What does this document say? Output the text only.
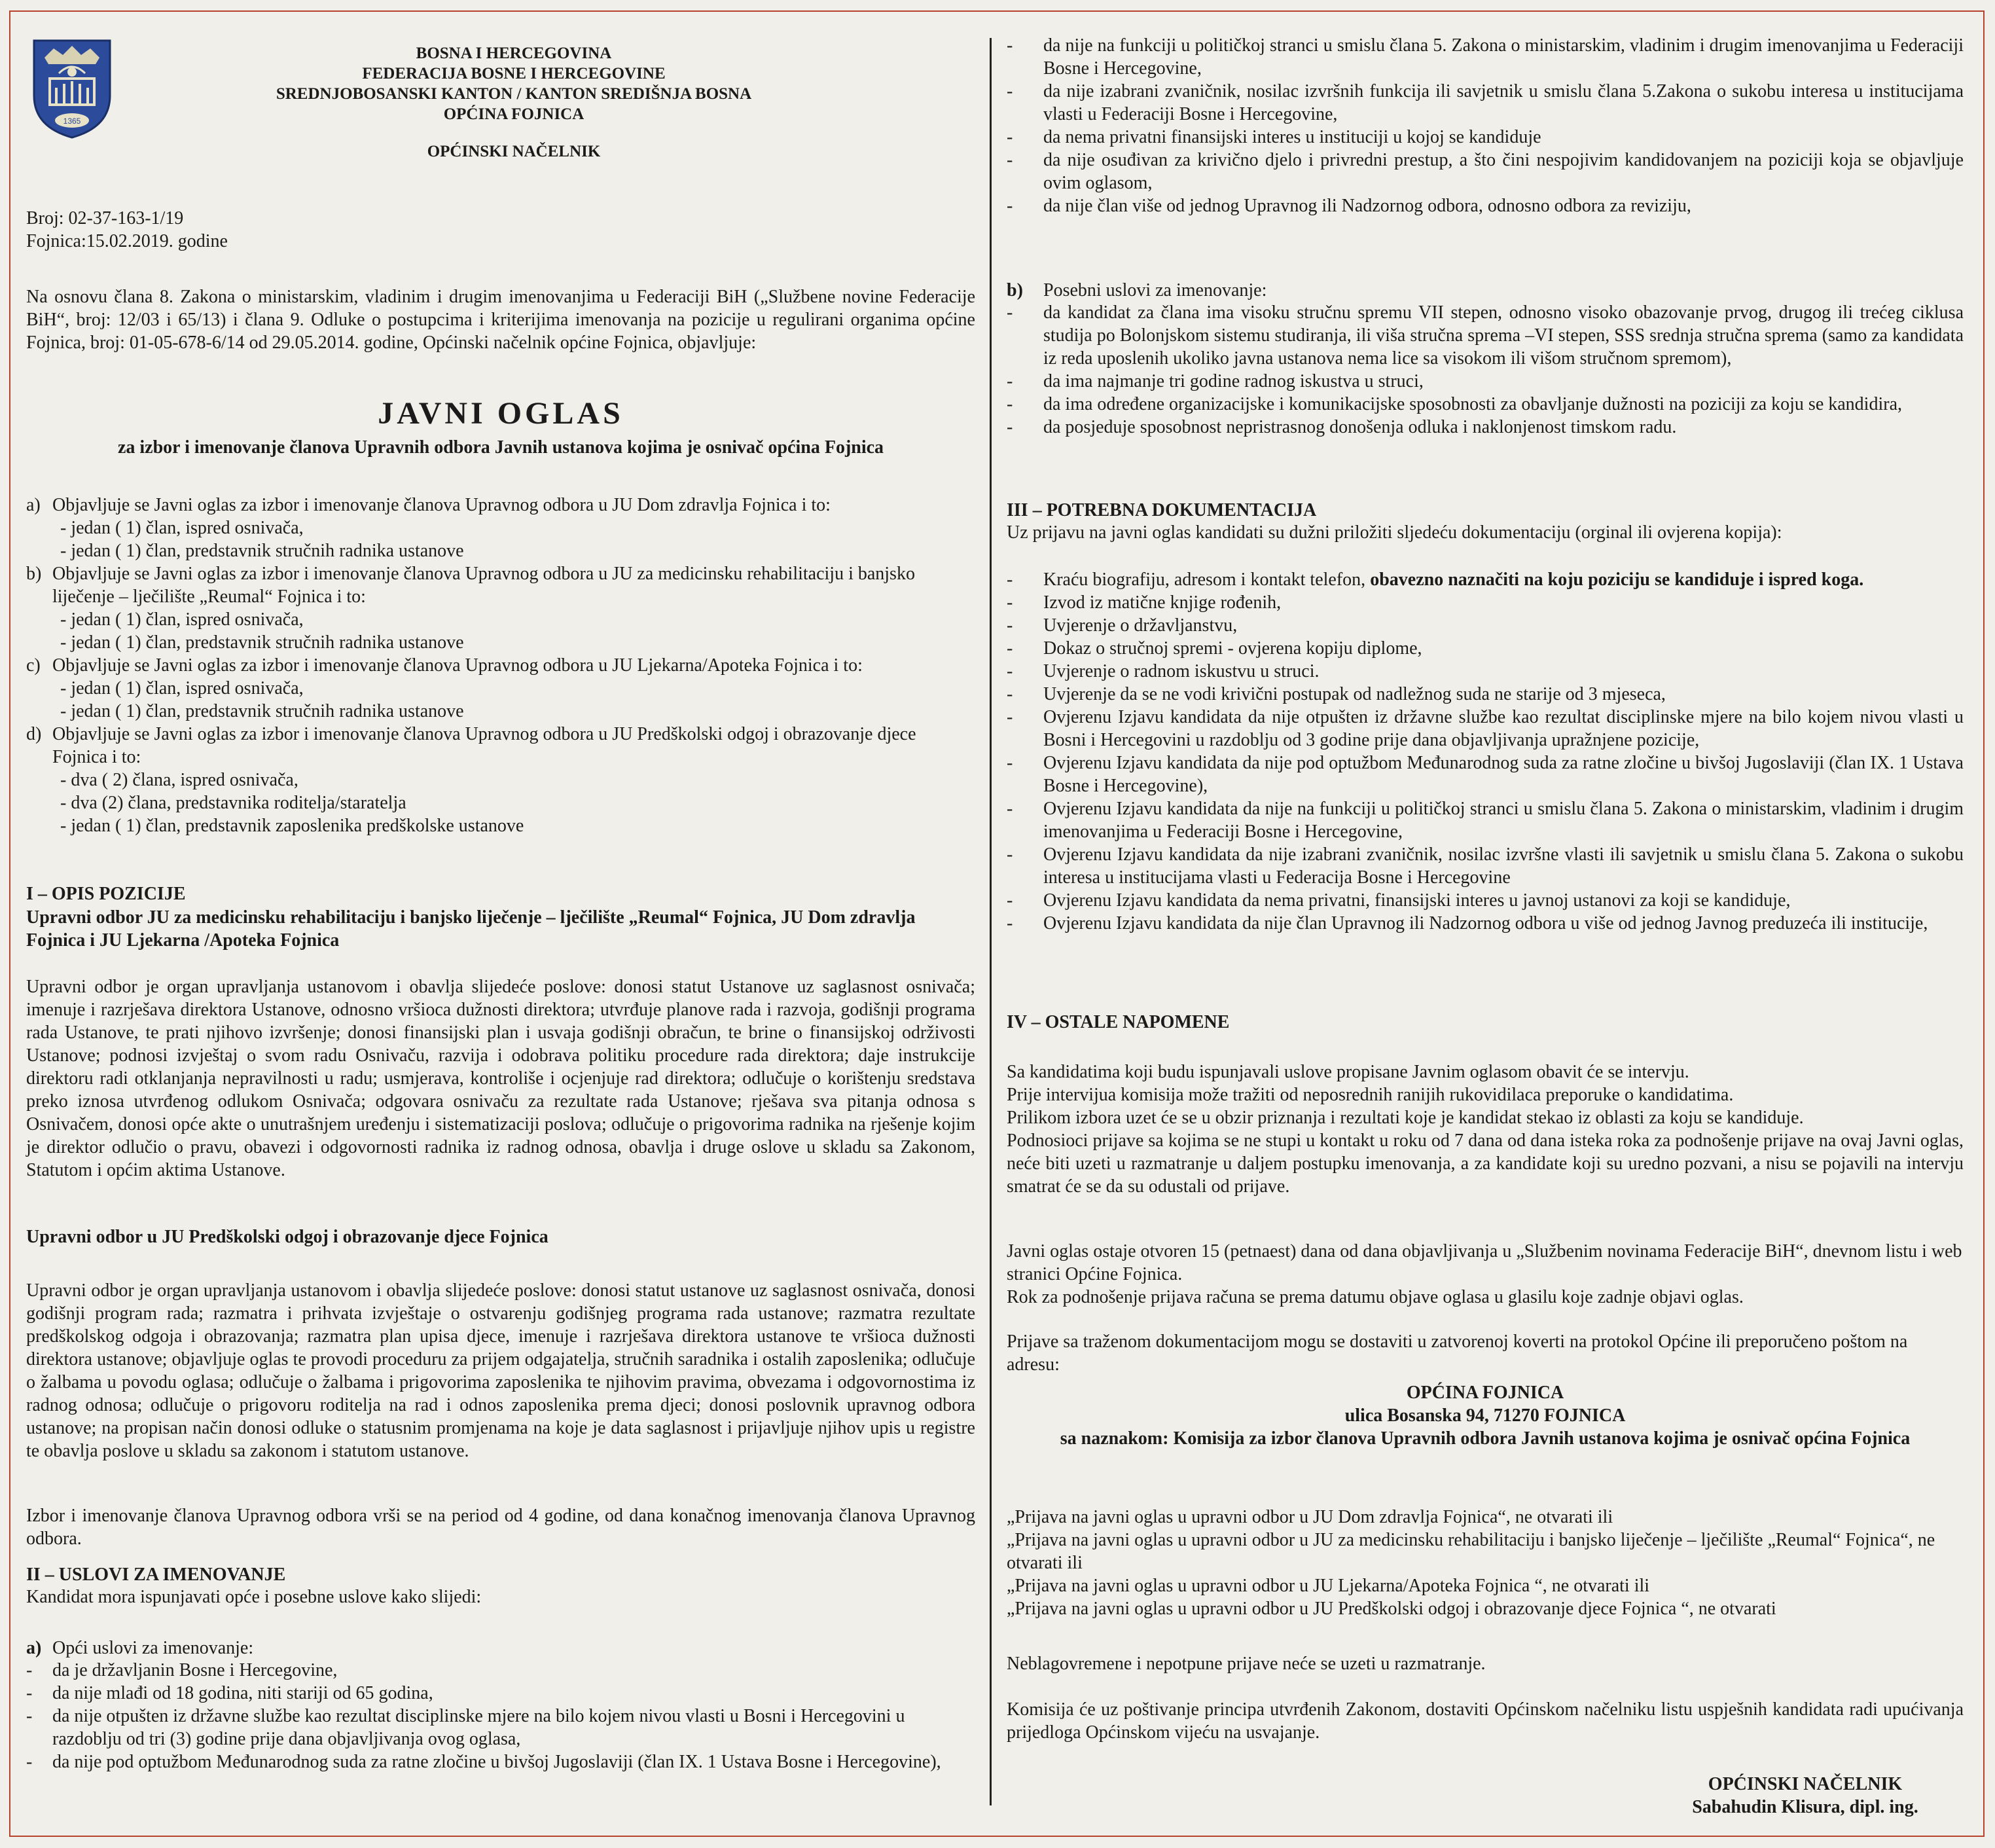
1365
BOSNA I HERCEGOVINA
FEDERACIJA BOSNE I HERCEGOVINE
SREDNJOBOSANSKI KANTON / KANTON SREDIŠNJA BOSNA
OPĆINA FOJNICA
OPĆINSKI NAČELNIK
Broj: 02-37-163-1/19
Fojnica:15.02.2019. godine
Na osnovu člana 8. Zakona o ministarskim, vladinim i drugim imenovanjima u Federaciji BiH („Službene novine Federacije BiH“, broj: 12/03 i 65/13) i člana 9. Odluke o postupcima i kriterijima imenovanja na pozicije u regulirani organima općine Fojnica, broj: 01-05-678-6/14 od 29.05.2014. godine, Općinski načelnik općine Fojnica, objavljuje:
JAVNI OGLAS
za izbor i imenovanje članova Upravnih odbora Javnih ustanova kojima je osnivač općina Fojnica
a) Objavljuje se Javni oglas za izbor i imenovanje članova Upravnog odbora u JU Dom zdravlja Fojnica i to:
- jedan ( 1) član, ispred osnivača,
- jedan ( 1) član, predstavnik stručnih radnika ustanove
b) Objavljuje se Javni oglas za izbor i imenovanje članova Upravnog odbora u JU za medicinsku rehabilitaciju i banjsko liječenje – lječilište „Reumal“ Fojnica i to:
- jedan ( 1) član, ispred osnivača,
- jedan ( 1) član, predstavnik stručnih radnika ustanove
c) Objavljuje se Javni oglas za izbor i imenovanje članova Upravnog odbora u JU Ljekarna/Apoteka Fojnica i to:
- jedan ( 1) član, ispred osnivača,
- jedan ( 1) član, predstavnik stručnih radnika ustanove
d) Objavljuje se Javni oglas za izbor i imenovanje članova Upravnog odbora u JU Predškolski odgoj i obrazovanje djece Fojnica i to:
- dva ( 2) člana, ispred osnivača,
- dva (2) člana, predstavnika roditelja/staratelja
- jedan ( 1) član, predstavnik zaposlenika predškolske ustanove
I – OPIS POZICIJE
Upravni odbor JU za medicinsku rehabilitaciju i banjsko liječenje – lječilište „Reumal“ Fojnica, JU Dom zdravlja Fojnica i JU Ljekarna /Apoteka Fojnica
Upravni odbor je organ upravljanja ustanovom i obavlja slijedeće poslove: donosi statut Ustanove uz saglasnost osnivača; imenuje i razrješava direktora Ustanove, odnosno vršioca dužnosti direktora; utvrđuje planove rada i razvoja, godišnji programa rada Ustanove, te prati njihovo izvršenje; donosi finansijski plan i usvaja godišnji obračun, te brine o finansijskoj održivosti Ustanove; podnosi izvještaj o svom radu Osnivaču, razvija i odobrava politiku procedure rada direktora; daje instrukcije direktoru radi otklanjanja nepravilnosti u radu; usmjerava, kontroliše i ocjenjuje rad direktora; odlučuje o korištenju sredstava preko iznosa utvrđenog odlukom Osnivača; odgovara osnivaču za rezultate rada Ustanove; rješava sva pitanja odnosa s Osnivačem, donosi opće akte o unutrašnjem uređenju i sistematizaciji poslova; odlučuje o prigovorima radnika na rješenje kojim je direktor odlučio o pravu, obavezi i odgovornosti radnika iz radnog odnosa, obavlja i druge oslove u skladu sa Zakonom, Statutom i općim aktima Ustanove.
Upravni odbor u JU Predškolski odgoj i obrazovanje djece Fojnica
Upravni odbor je organ upravljanja ustanovom i obavlja slijedeće poslove: donosi statut ustanove uz saglasnost osnivača, donosi godišnji program rada; razmatra i prihvata izvještaje o ostvarenju godišnjeg programa rada ustanove; razmatra rezultate predškolskog odgoja i obrazovanja; razmatra plan upisa djece, imenuje i razrješava direktora ustanove te vršioca dužnosti direktora ustanove; objavljuje oglas te provodi proceduru za prijem odgajatelja, stručnih saradnika i ostalih zaposlenika; odlučuje o žalbama u povodu oglasa; odlučuje o žalbama i prigovorima zaposlenika te njihovim pravima, obvezama i odgovornostima iz radnog odnosa; odlučuje o prigovoru roditelja na rad i odnos zaposlenika prema djeci; donosi poslovnik upravnog odbora ustanove; na propisan način donosi odluke o statusnim promjenama na koje je data saglasnost i prijavljuje njihov upis u registre te obavlja poslove u skladu sa zakonom i statutom ustanove.
Izbor i imenovanje članova Upravnog odbora vrši se na period od 4 godine, od dana konačnog imenovanja članova Upravnog odbora.
II – USLOVI ZA IMENOVANJE
Kandidat mora ispunjavati opće i posebne uslove kako slijedi:
a) Opći uslovi za imenovanje:
-	da je državljanin Bosne i Hercegovine,
-	da nije mlađi od 18 godina, niti stariji od 65 godina,
-	da nije otpušten iz državne službe kao rezultat disciplinske mjere na bilo kojem nivou vlasti u Bosni i Hercegovini u razdoblju od tri (3) godine prije dana objavljivanja ovog oglasa,
-	da nije pod optužbom Međunarodnog suda za ratne zločine u bivšoj Jugoslaviji (član IX. 1 Ustava Bosne i Hercegovine),
-	da nije na funkciji u političkoj stranci u smislu člana 5. Zakona o ministarskim, vladinim i drugim imenovanjima u Federaciji Bosne i Hercegovine,
-	da nije izabrani zvaničnik, nosilac izvršnih funkcija ili savjetnik u smislu člana 5.Zakona o sukobu interesa u institucijama vlasti u Federaciji Bosne i Hercegovine,
-	da nema privatni finansijski interes u instituciji u kojoj se kandiduje
-	da nije osuđivan za krivično djelo i privredni prestup, a što čini nespojivim kandidovanjem na poziciji koja se objavljuje ovim oglasom,
-	da nije član više od jednog Upravnog ili Nadzornog odbora, odnosno odbora za reviziju,
b)	Posebni uslovi za imenovanje:
-	da kandidat za člana ima visoku stručnu spremu VII stepen, odnosno visoko obazovanje prvog, drugog ili trećeg ciklusa studija po Bolonjskom sistemu studiranja, ili viša stručna sprema –VI stepen, SSS srednja stručna sprema (samo za kandidata iz reda uposlenih ukoliko javna ustanova nema lice sa visokom ili višom stručnom spremom),
-	da ima najmanje tri godine radnog iskustva u struci,
-	da ima određene organizacijske i komunikacijske sposobnosti za obavljanje dužnosti na poziciji za koju se kandidira,
-	da posjeduje sposobnost nepristrasnog donošenja odluka i naklonjenost timskom radu.
III – POTREBNA DOKUMENTACIJA
Uz prijavu na javni oglas kandidati su dužni priložiti sljedeću dokumentaciju (orginal ili ovjerena kopija):
-	Kraću biografiju, adresom i kontakt telefon, obavezno naznačiti na koju poziciju se kandiduje i ispred koga.
-	Izvod iz matične knjige rođenih,
-	Uvjerenje o državljanstvu,
-	Dokaz o stručnoj spremi - ovjerena kopiju diplome,
-	Uvjerenje o radnom iskustvu u struci.
-	Uvjerenje da se ne vodi krivični postupak od nadležnog suda ne starije od 3 mjeseca,
-	Ovjerenu Izjavu kandidata da nije otpušten iz državne službe kao rezultat disciplinske mjere na bilo kojem nivou vlasti u Bosni i Hercegovini u razdoblju od 3 godine prije dana objavljivanja upražnjene pozicije,
-	Ovjerenu Izjavu kandidata da nije pod optužbom Međunarodnog suda za ratne zločine u bivšoj Jugoslaviji (član IX. 1 Ustava Bosne i Hercegovine),
-	Ovjerenu Izjavu kandidata da nije na funkciji u političkoj stranci u smislu člana 5. Zakona o ministarskim, vladinim i drugim imenovanjima u Federaciji Bosne i Hercegovine,
-	Ovjerenu Izjavu kandidata da nije izabrani zvaničnik, nosilac izvršne vlasti ili savjetnik u smislu člana 5. Zakona o sukobu interesa u institucijama vlasti u Federacija Bosne i Hercegovine
-	Ovjerenu Izjavu kandidata da nema privatni, finansijski interes u javnoj ustanovi za koji se kandiduje,
-	Ovjerenu Izjavu kandidata da nije član Upravnog ili Nadzornog odbora u više od jednog Javnog preduzeća ili institucije,
IV – OSTALE NAPOMENE
Sa kandidatima koji budu ispunjavali uslove propisane Javnim oglasom obavit će se intervju.
Prije intervijua komisija može tražiti od neposrednih ranijih rukovidilaca preporuke o kandidatima.
Prilikom izbora uzet će se u obzir priznanja i rezultati koje je kandidat stekao iz oblasti za koju se kandiduje.
Podnosioci prijave sa kojima se ne stupi u kontakt u roku od 7 dana od dana isteka roka za podnošenje prijave na ovaj Javni oglas, neće biti uzeti u razmatranje u daljem postupku imenovanja, a za kandidate koji su uredno pozvani, a nisu se pojavili na intervju smatrat će se da su odustali od prijave.
Javni oglas ostaje otvoren 15 (petnaest) dana od dana objavljivanja u „Službenim novinama Federacije BiH“, dnevnom listu i web stranici Općine Fojnica.
Rok za podnošenje prijava računa se prema datumu objave oglasa u glasilu koje zadnje objavi oglas.
Prijave sa traženom dokumentacijom mogu se dostaviti u zatvorenoj koverti na protokol Općine ili preporučeno poštom na adresu:
OPĆINA FOJNICA
ulica Bosanska 94, 71270 FOJNICA
sa naznakom: Komisija za izbor članova Upravnih odbora Javnih ustanova kojima je osnivač općina Fojnica
„Prijava na javni oglas u upravni odbor u JU Dom zdravlja Fojnica“, ne otvarati ili
„Prijava na javni oglas u upravni odbor u JU za medicinsku rehabilitaciju i banjsko liječenje – lječilište „Reumal“ Fojnica“, ne otvarati ili
„Prijava na javni oglas u upravni odbor u JU Ljekarna/Apoteka Fojnica “, ne otvarati ili
„Prijava na javni oglas u upravni odbor u JU Predškolski odgoj i obrazovanje djece Fojnica “, ne otvarati
Neblagovremene i nepotpune prijave neće se uzeti u razmatranje.
Komisija će uz poštivanje principa utvrđenih Zakonom, dostaviti Općinskom načelniku listu uspješnih kandidata radi upućivanja prijedloga Općinskom vijeću na usvajanje.
OPĆINSKI NAČELNIK
Sabahudin Klisura, dipl. ing.
